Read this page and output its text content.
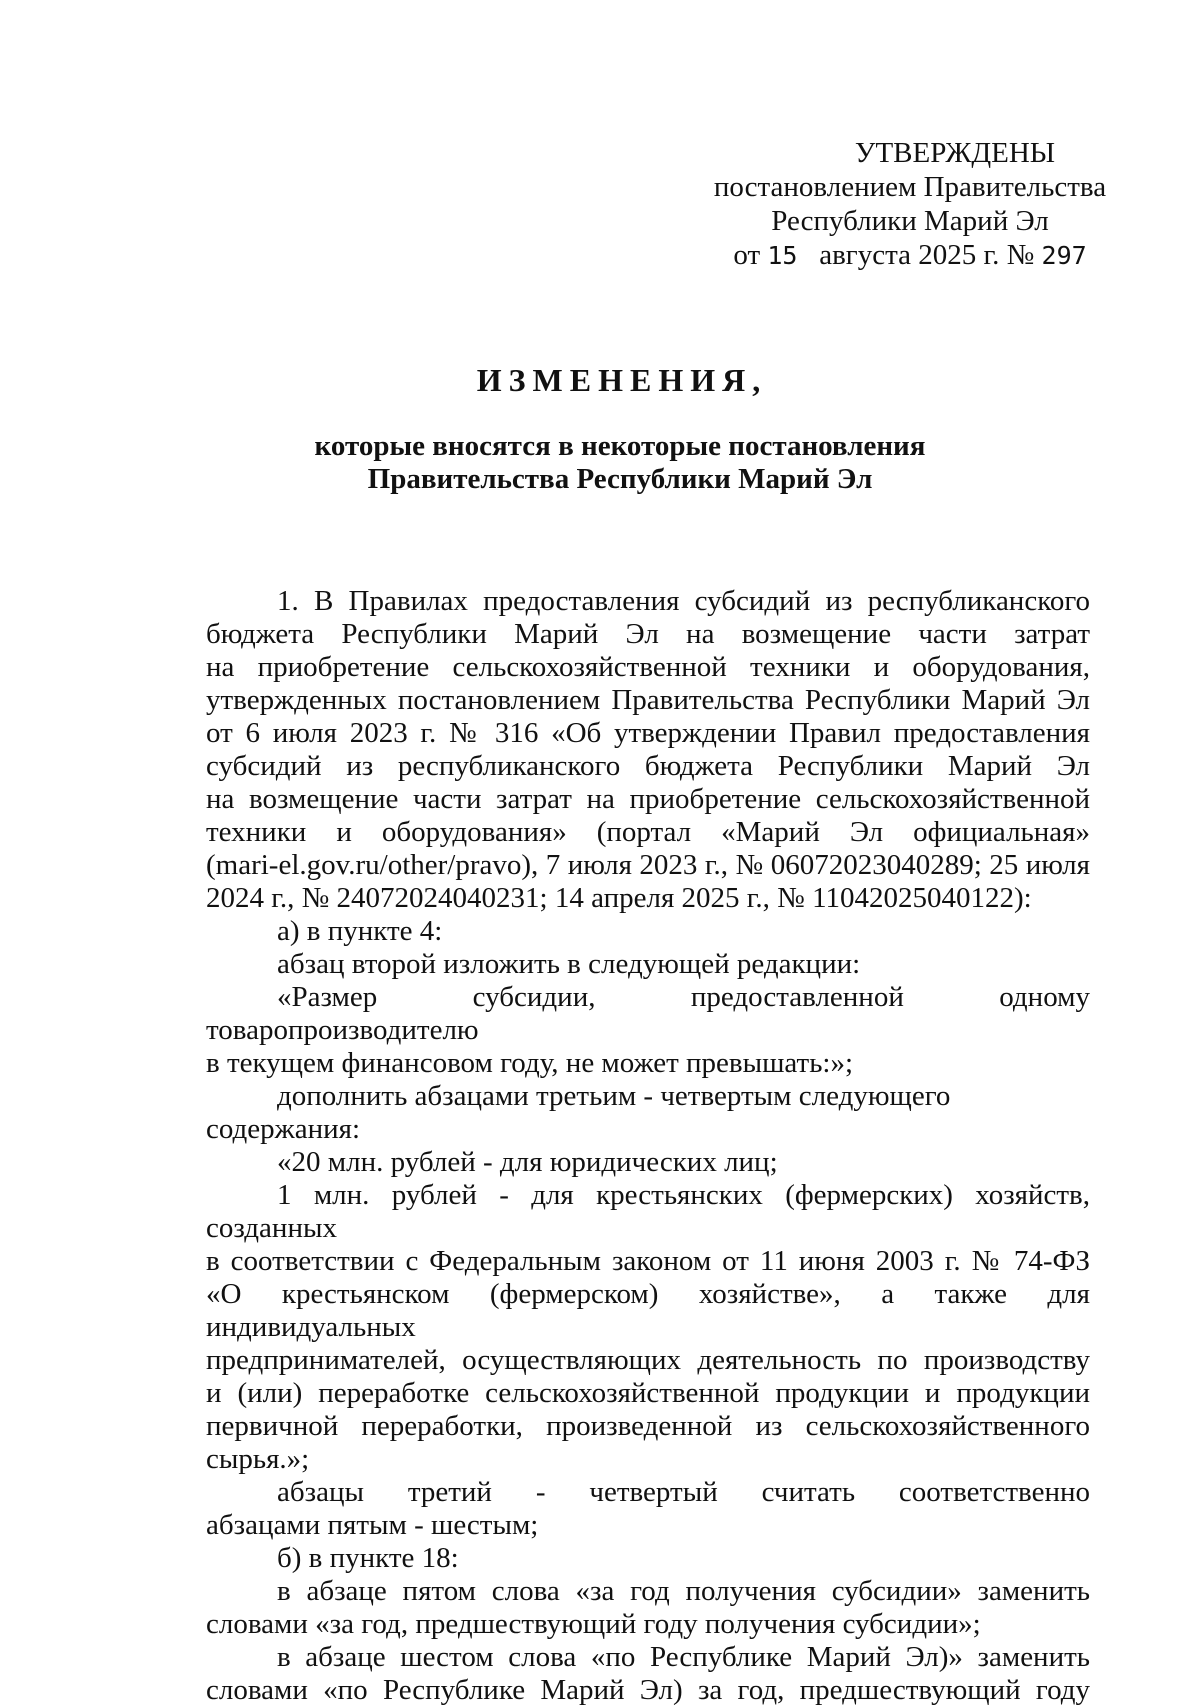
УТВЕРЖДЕНЫ
постановлением Правительства
Республики Марий Эл
от 15 августа 2025 г. № 297
ИЗМЕНЕНИЯ,
которые вносятся в некоторые постановления
Правительства Республики Марий Эл

1. В Правилах предоставления субсидий из республиканского
бюджета Республики Марий Эл на возмещение части затрат
на приобретение сельскохозяйственной техники и оборудования,
утвержденных постановлением Правительства Республики Марий Эл
от 6 июля 2023 г. № 316 «Об утверждении Правил предоставления
субсидий из республиканского бюджета Республики Марий Эл
на возмещение части затрат на приобретение сельскохозяйственной
техники и оборудования» (портал «Марий Эл официальная»
(mari-el.gov.ru/other/pravo), 7 июля 2023 г., № 06072023040289; 25 июля
2024 г., № 24072024040231; 14 апреля 2025 г., № 11042025040122):

а) в пункте 4:

абзац второй изложить в следующей редакции:

«Размер субсидии, предоставленной одному товаропроизводителю
в текущем финансовом году, не может превышать:»;

дополнить абзацами третьим - четвертым следующего содержания:

«20 млн. рублей - для юридических лиц;

1 млн. рублей - для крестьянских (фермерских) хозяйств, созданных
в соответствии с Федеральным законом от 11 июня 2003 г. № 74-ФЗ
«О крестьянском (фермерском) хозяйстве», а также для индивидуальных
предпринимателей, осуществляющих деятельность по производству
и (или) переработке сельскохозяйственной продукции и продукции
первичной переработки, произведенной из сельскохозяйственного
сырья.»;

абзацы третий - четвертый считать соответственно
абзацами пятым - шестым;

б) в пункте 18:

в абзаце пятом слова «за год получения субсидии» заменить
словами «за год, предшествующий году получения субсидии»;

в абзаце шестом слова «по Республике Марий Эл)» заменить
словами «по Республике Марий Эл) за год, предшествующий году
